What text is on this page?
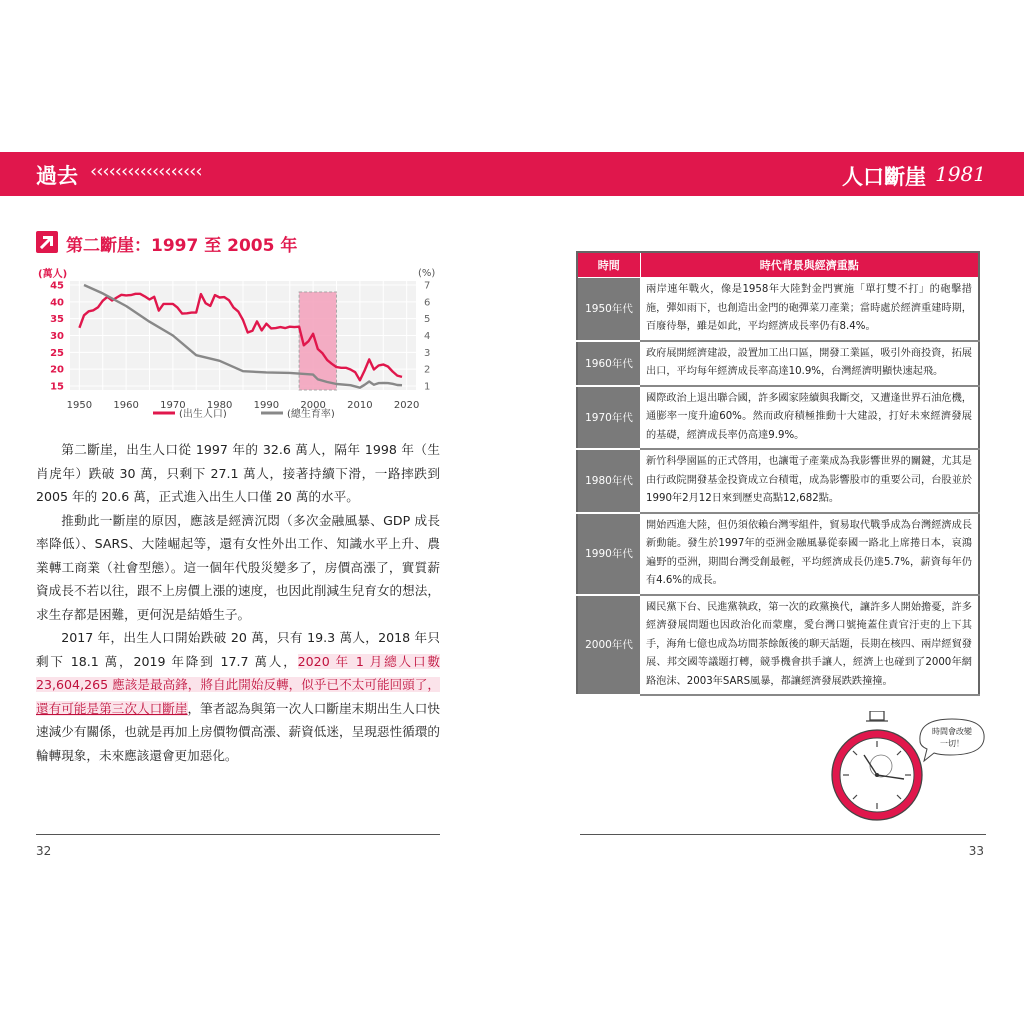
過去 ‹‹‹‹‹‹‹‹‹‹‹‹‹‹‹‹‹‹	人口斷崖 1981
第二斷崖：1997 至 2005 年
15
20
25
30
35
40
45
1
2
3
4
5
6
7
1950 1960 1970 1980 1990 2000 2010 2020
(萬人)	(%)
(出生人口)	(總生育率)

第二斷崖，出生人口從 1997 年的 32.6 萬人，隔年 1998 年（生肖虎年）跌破 30 萬，只剩下 27.1 萬人，接著持續下滑，一路摔跌到 2005 年的 20.6 萬，正式進入出生人口僅 20 萬的水平。

推動此一斷崖的原因，應該是經濟沉悶（多次金融風暴、GDP 成長率降低）、SARS、大陸崛起等，還有女性外出工作、知識水平上升、農業轉工商業（社會型態）。這一個年代殷災變多了，房價高漲了，實質薪資成長不若以往，跟不上房價上漲的速度，也因此削減生兒育女的想法，求生存都是困難，更何況是結婚生子。

2017 年，出生人口開始跌破 20 萬，只有 19.3 萬人，2018 年只剩下 18.1 萬，2019 年降到 17.7 萬人，2020 年 1 月總人口數 23,604,265 應該是最高鋒，將自此開始反轉，似乎已不太可能回頭了，還有可能是第三次人口斷崖，筆者認為與第一次人口斷崖末期出生人口快速減少有關係，也就是再加上房價物價高漲、薪資低迷，呈現惡性循環的輪轉現象，未來應該還會更加惡化。

時間	時代背景與經濟重點
1950年代	兩岸連年戰火，像是1958年大陸對金門實施「單打雙不打」的砲擊措施，彈如雨下，也創造出金門的砲彈菜刀產業；當時處於經濟重建時期，百廢待舉，雖是如此，平均經濟成長率仍有8.4%。
1960年代	政府展開經濟建設，設置加工出口區，開發工業區，吸引外商投資，拓展出口，平均每年經濟成長率高達10.9%，台灣經濟明顯快速起飛。
1970年代	國際政治上退出聯合國，許多國家陸續與我斷交，又遭逢世界石油危機，通膨率一度升逾60%。然而政府積極推動十大建設，打好未來經濟發展的基礎，經濟成長率仍高達9.9%。
1980年代	新竹科學園區的正式啓用，也讓電子產業成為我影響世界的關鍵，尤其是由行政院開發基金投資成立台積電，成為影響股市的重要公司，台股並於1990年2月12日來到歷史高點12,682點。
1990年代	開始西進大陸，但仍須依賴台灣零組件，貿易取代戰爭成為台灣經濟成長新動能。發生於1997年的亞洲金融風暴從泰國一路北上席捲日本，哀鴻遍野的亞洲，期間台灣受創最輕，平均經濟成長仍達5.7%，薪資每年仍有4.6%的成長。
2000年代	國民黨下台、民進黨執政，第一次的政黨換代，讓許多人開始擔憂，許多經濟發展問題也因政治化而蒙塵，愛台灣口號掩蓋住責官汙吏的上下其手，海角七億也成為坊間茶餘飯後的聊天話題，長期在核四、兩岸經貿發展、邦交國等議題打轉，競爭機會拱手讓人，經濟上也碰到了2000年網路泡沫、2003年SARS風暴，都讓經濟發展跌跌撞撞。
時間會改變
一切！
32	33
